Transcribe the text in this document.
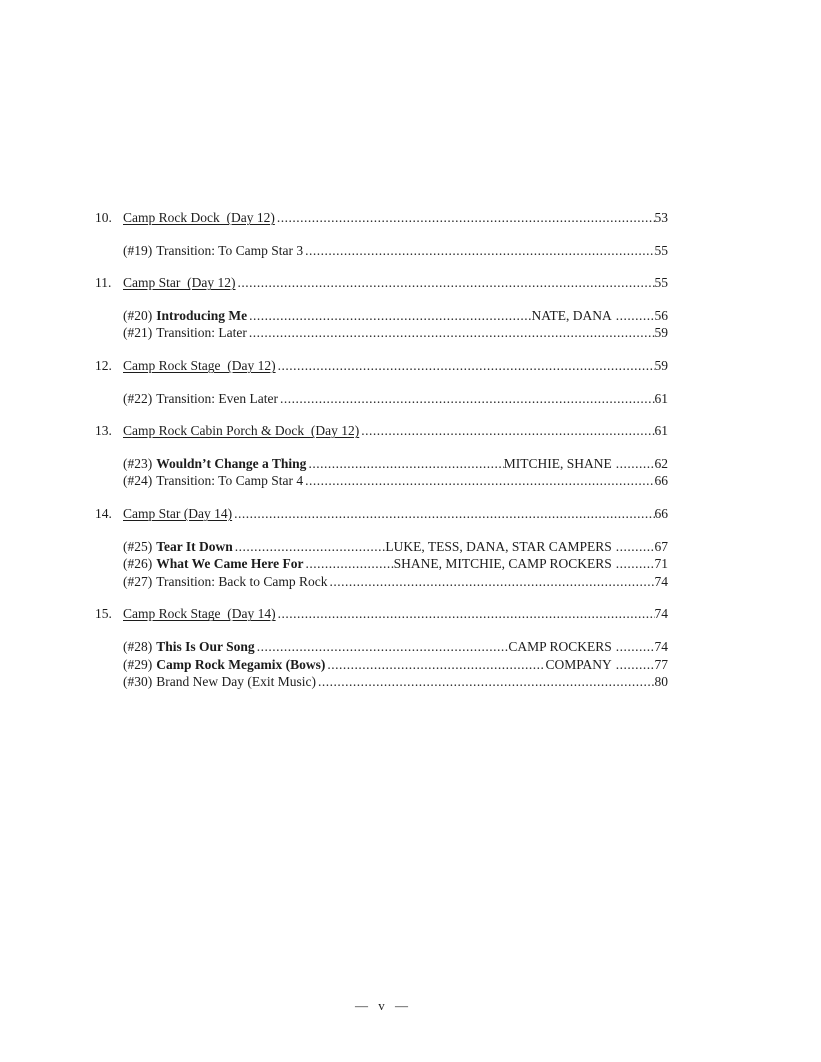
10. Camp Rock Dock  (Day 12) .....	53
(#19) Transition: To Camp Star 3 .....	55
11. Camp Star  (Day 12) .....	55
(#20) Introducing Me .....	NATE, DANA .....	56
(#21) Transition: Later .....	59
12. Camp Rock Stage  (Day 12) .....	59
(#22) Transition: Even Later .....	61
13. Camp Rock Cabin Porch & Dock  (Day 12) .....	61
(#23) Wouldn’t Change a Thing .....	MITCHIE, SHANE .....	62
(#24) Transition: To Camp Star 4 .....	66
14. Camp Star (Day 14) .....	66
(#25) Tear It Down .....	LUKE, TESS, DANA, STAR CAMPERS .....	67
(#26) What We Came Here For .....	SHANE, MITCHIE, CAMP ROCKERS .....	71
(#27) Transition: Back to Camp Rock .....	74
15. Camp Rock Stage  (Day 14) .....	74
(#28) This Is Our Song .....	CAMP ROCKERS .....	74
(#29) Camp Rock Megamix (Bows) .....	COMPANY .....	77
(#30) Brand New Day (Exit Music) .....	80
— v —
